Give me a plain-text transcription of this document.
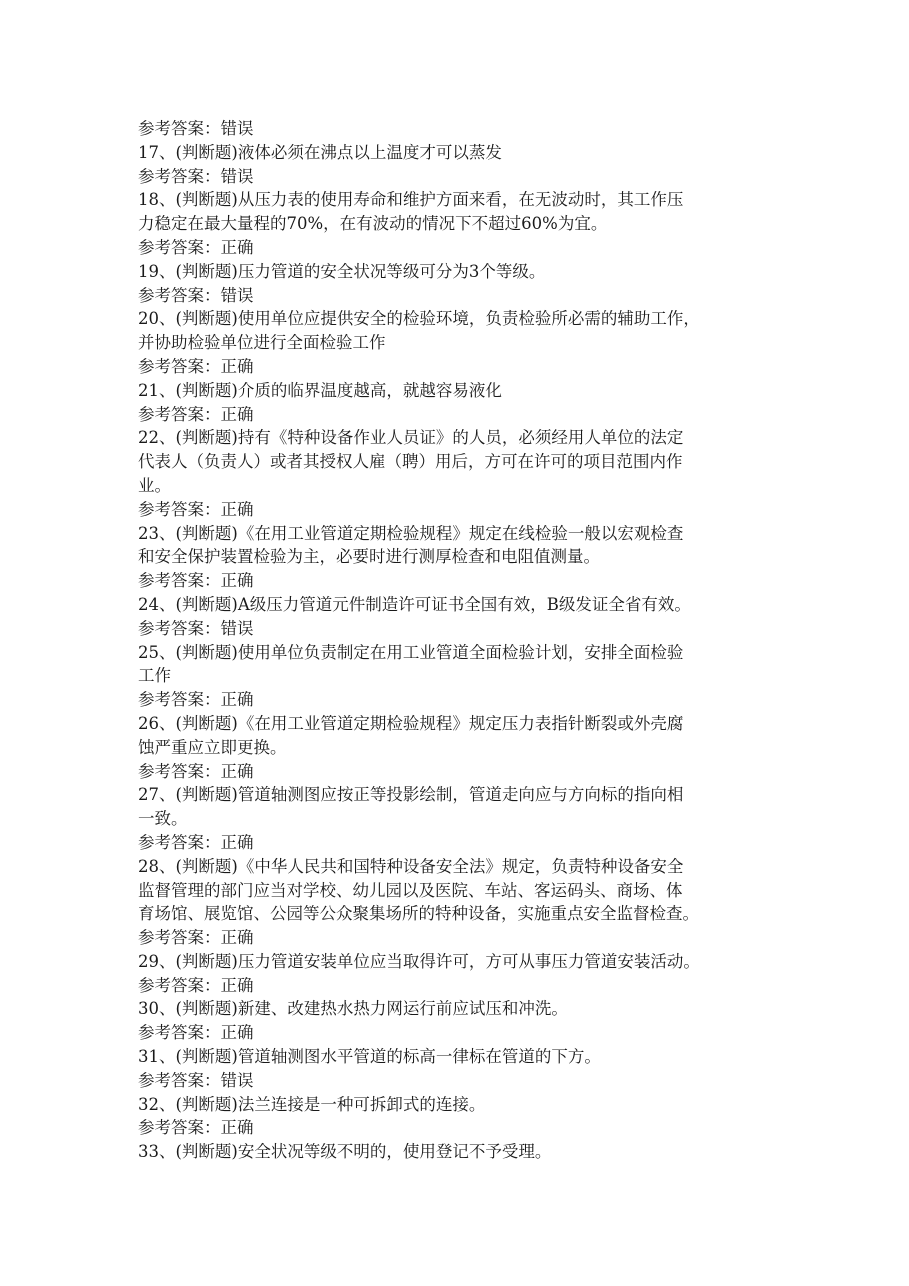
参考答案：错误

17、(判断题)液体必须在沸点以上温度才可以蒸发

参考答案：错误

18、(判断题)从压力表的使用寿命和维护方面来看，在无波动时，其工作压

力稳定在最大量程的70%，在有波动的情况下不超过60%为宜。

参考答案：正确

19、(判断题)压力管道的安全状况等级可分为3个等级。

参考答案：错误

20、(判断题)使用单位应提供安全的检验环境，负责检验所必需的辅助工作，

并协助检验单位进行全面检验工作

参考答案：正确

21、(判断题)介质的临界温度越高，就越容易液化

参考答案：正确

22、(判断题)持有《特种设备作业人员证》的人员，必须经用人单位的法定

代表人（负责人）或者其授权人雇（聘）用后，方可在许可的项目范围内作

业。

参考答案：正确

23、(判断题)《在用工业管道定期检验规程》规定在线检验一般以宏观检查

和安全保护装置检验为主，必要时进行测厚检查和电阻值测量。

参考答案：正确

24、(判断题)A级压力管道元件制造许可证书全国有效，B级发证全省有效。

参考答案：错误

25、(判断题)使用单位负责制定在用工业管道全面检验计划，安排全面检验

工作

参考答案：正确

26、(判断题)《在用工业管道定期检验规程》规定压力表指针断裂或外壳腐

蚀严重应立即更换。

参考答案：正确

27、(判断题)管道轴测图应按正等投影绘制，管道走向应与方向标的指向相

一致。

参考答案：正确

28、(判断题)《中华人民共和国特种设备安全法》规定，负责特种设备安全

监督管理的部门应当对学校、幼儿园以及医院、车站、客运码头、商场、体

育场馆、展览馆、公园等公众聚集场所的特种设备，实施重点安全监督检查。

参考答案：正确

29、(判断题)压力管道安装单位应当取得许可，方可从事压力管道安装活动。

参考答案：正确

30、(判断题)新建、改建热水热力网运行前应试压和冲洗。

参考答案：正确

31、(判断题)管道轴测图水平管道的标高一律标在管道的下方。

参考答案：错误

32、(判断题)法兰连接是一种可拆卸式的连接。

参考答案：正确

33、(判断题)安全状况等级不明的，使用登记不予受理。
